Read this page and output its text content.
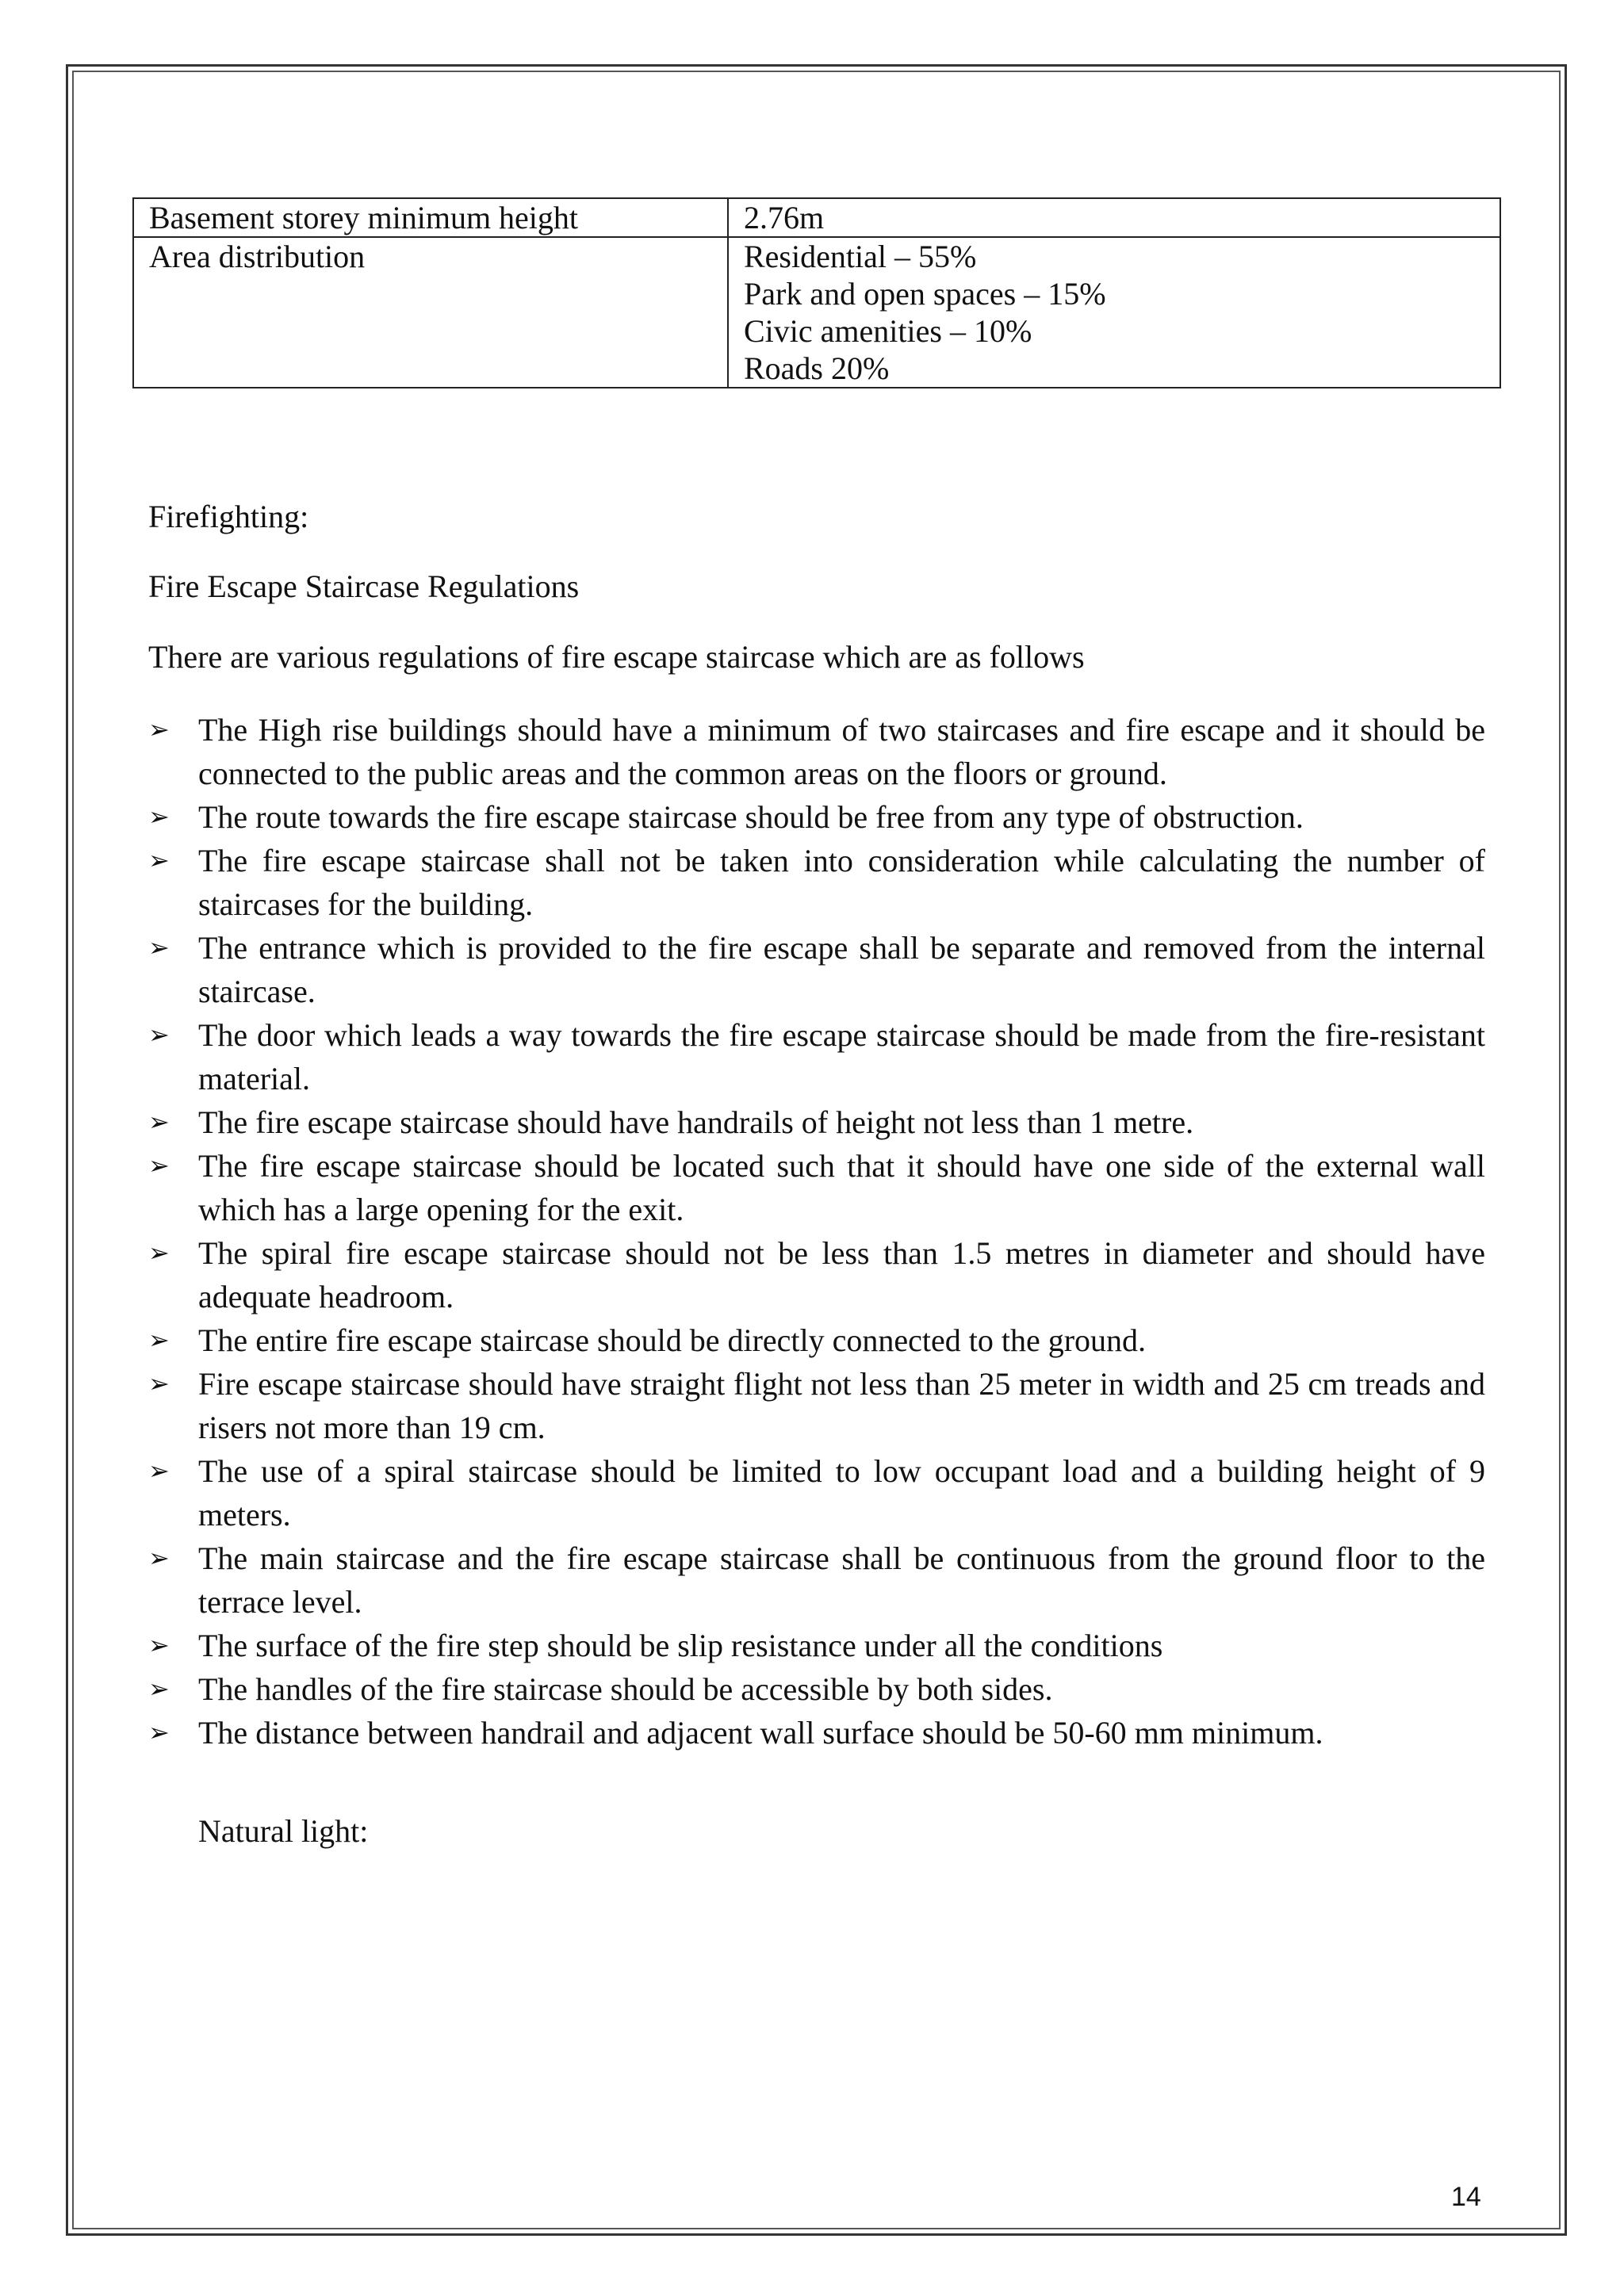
Basement storey minimum height	2.76m

Area distribution	Residential – 55%
Park and open spaces – 15%
Civic amenities – 10%
Roads 20%

Firefighting:

Fire Escape Staircase Regulations

There are various regulations of fire escape staircase which are as follows

➢ The High rise buildings should have a minimum of two staircases and fire escape and it should be connected to the public areas and the common areas on the floors or ground.
➢ The route towards the fire escape staircase should be free from any type of obstruction.
➢ The fire escape staircase shall not be taken into consideration while calculating the number of staircases for the building.
➢ The entrance which is provided to the fire escape shall be separate and removed from the internal staircase.
➢ The door which leads a way towards the fire escape staircase should be made from the fire-resistant material.
➢ The fire escape staircase should have handrails of height not less than 1 metre.
➢ The fire escape staircase should be located such that it should have one side of the external wall which has a large opening for the exit.
➢ The spiral fire escape staircase should not be less than 1.5 metres in diameter and should have adequate headroom.
➢ The entire fire escape staircase should be directly connected to the ground.
➢ Fire escape staircase should have straight flight not less than 25 meter in width and 25 cm treads and risers not more than 19 cm.
➢ The use of a spiral staircase should be limited to low occupant load and a building height of 9 meters.
➢ The main staircase and the fire escape staircase shall be continuous from the ground floor to the terrace level.
➢ The surface of the fire step should be slip resistance under all the conditions
➢ The handles of the fire staircase should be accessible by both sides.
➢ The distance between handrail and adjacent wall surface should be 50-60 mm minimum.

Natural light:

14
